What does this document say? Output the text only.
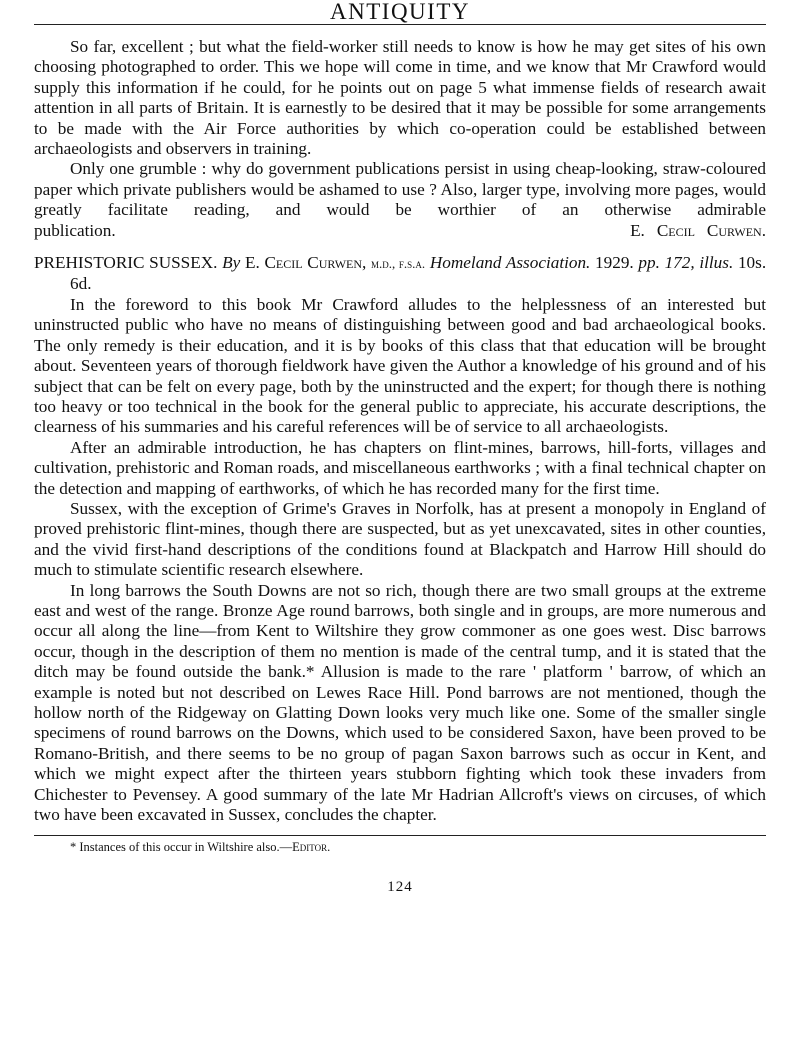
ANTIQUITY

So far, excellent ; but what the field-worker still needs to know is how he may get sites of his own choosing photographed to order. This we hope will come in time, and we know that Mr Crawford would supply this information if he could, for he points out on page 5 what immense fields of research await attention in all parts of Britain. It is earnestly to be desired that it may be possible for some arrangements to be made with the Air Force authorities by which co-operation could be established between archaeologists and observers in training.

Only one grumble : why do government publications persist in using cheap-looking, straw-coloured paper which private publishers would be ashamed to use ? Also, larger type, involving more pages, would greatly facilitate reading, and would be worthier of an otherwise admirable publication.	E. Cecil Curwen.

PREHISTORIC SUSSEX. By E. Cecil Curwen, m.d., f.s.a. Homeland Association. 1929. pp. 172, illus. 10s. 6d.

In the foreword to this book Mr Crawford alludes to the helplessness of an interested but uninstructed public who have no means of distinguishing between good and bad archaeological books. The only remedy is their education, and it is by books of this class that that education will be brought about. Seventeen years of thorough fieldwork have given the Author a knowledge of his ground and of his subject that can be felt on every page, both by the uninstructed and the expert; for though there is nothing too heavy or too technical in the book for the general public to appreciate, his accurate descriptions, the clearness of his summaries and his careful references will be of service to all archaeologists.

After an admirable introduction, he has chapters on flint-mines, barrows, hill-forts, villages and cultivation, prehistoric and Roman roads, and miscellaneous earthworks ; with a final technical chapter on the detection and mapping of earthworks, of which he has recorded many for the first time.

Sussex, with the exception of Grime's Graves in Norfolk, has at present a monopoly in England of proved prehistoric flint-mines, though there are suspected, but as yet unexcavated, sites in other counties, and the vivid first-hand descriptions of the conditions found at Blackpatch and Harrow Hill should do much to stimulate scientific research elsewhere.

In long barrows the South Downs are not so rich, though there are two small groups at the extreme east and west of the range. Bronze Age round barrows, both single and in groups, are more numerous and occur all along the line—from Kent to Wiltshire they grow commoner as one goes west. Disc barrows occur, though in the description of them no mention is made of the central tump, and it is stated that the ditch may be found outside the bank.* Allusion is made to the rare ' platform ' barrow, of which an example is noted but not described on Lewes Race Hill. Pond barrows are not mentioned, though the hollow north of the Ridgeway on Glatting Down looks very much like one. Some of the smaller single specimens of round barrows on the Downs, which used to be considered Saxon, have been proved to be Romano-British, and there seems to be no group of pagan Saxon barrows such as occur in Kent, and which we might expect after the thirteen years stubborn fighting which took these invaders from Chichester to Pevensey. A good summary of the late Mr Hadrian Allcroft's views on circuses, of which two have been excavated in Sussex, concludes the chapter.

* Instances of this occur in Wiltshire also.—Editor.

124
